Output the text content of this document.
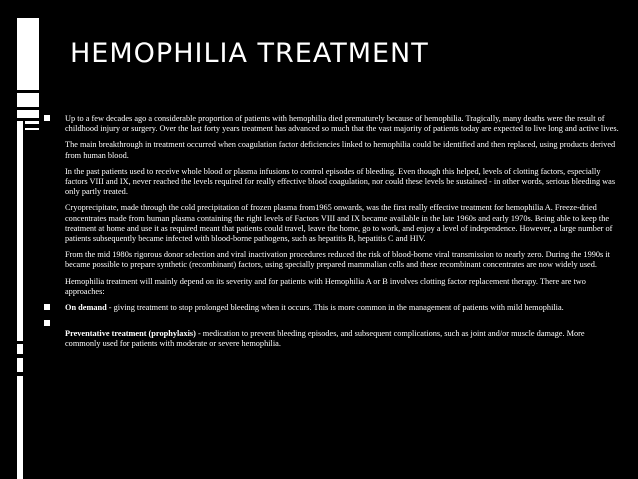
HEMOPHILIA TREATMENT

Up to a few decades ago a considerable proportion of patients with hemophilia died prematurely because of hemophilia. Tragically, many deaths were the result of childhood injury or surgery. Over the last forty years treatment has advanced so much that the vast majority of patients today are expected to live long and active lives.

The main breakthrough in treatment occurred when coagulation factor deficiencies linked to hemophilia could be identified and then replaced, using products derived from human blood.

In the past patients used to receive whole blood or plasma infusions to control episodes of bleeding. Even though this helped, levels of clotting factors, especially factors VIII and IX, never reached the levels required for really effective blood coagulation, nor could these levels be sustained - in other words, serious bleeding was only partly treated.

Cryoprecipitate, made through the cold precipitation of frozen plasma from1965 onwards, was the first really effective treatment for hemophilia A. Freeze-dried concentrates made from human plasma containing the right levels of Factors VIII and IX became available in the late 1960s and early 1970s. Being able to keep the treatment at home and use it as required meant that patients could travel, leave the home, go to work, and enjoy a level of independence. However, a large number of patients subsequently became infected with blood-borne pathogens, such as hepatitis B, hepatitis C and HIV.

From the mid 1980s rigorous donor selection and viral inactivation procedures reduced the risk of blood-borne viral transmission to nearly zero. During the 1990s it became possible to prepare synthetic (recombinant) factors, using specially prepared mammalian cells and these recombinant concentrates are now widely used.

Hemophilia treatment will mainly depend on its severity and for patients with Hemophilia A or B involves clotting factor replacement therapy. There are two approaches:

On demand - giving treatment to stop prolonged bleeding when it occurs. This is more common in the management of patients with mild hemophilia.

Preventative treatment (prophylaxis) - medication to prevent bleeding episodes, and subsequent complications, such as joint and/or muscle damage. More commonly used for patients with moderate or severe hemophilia.
